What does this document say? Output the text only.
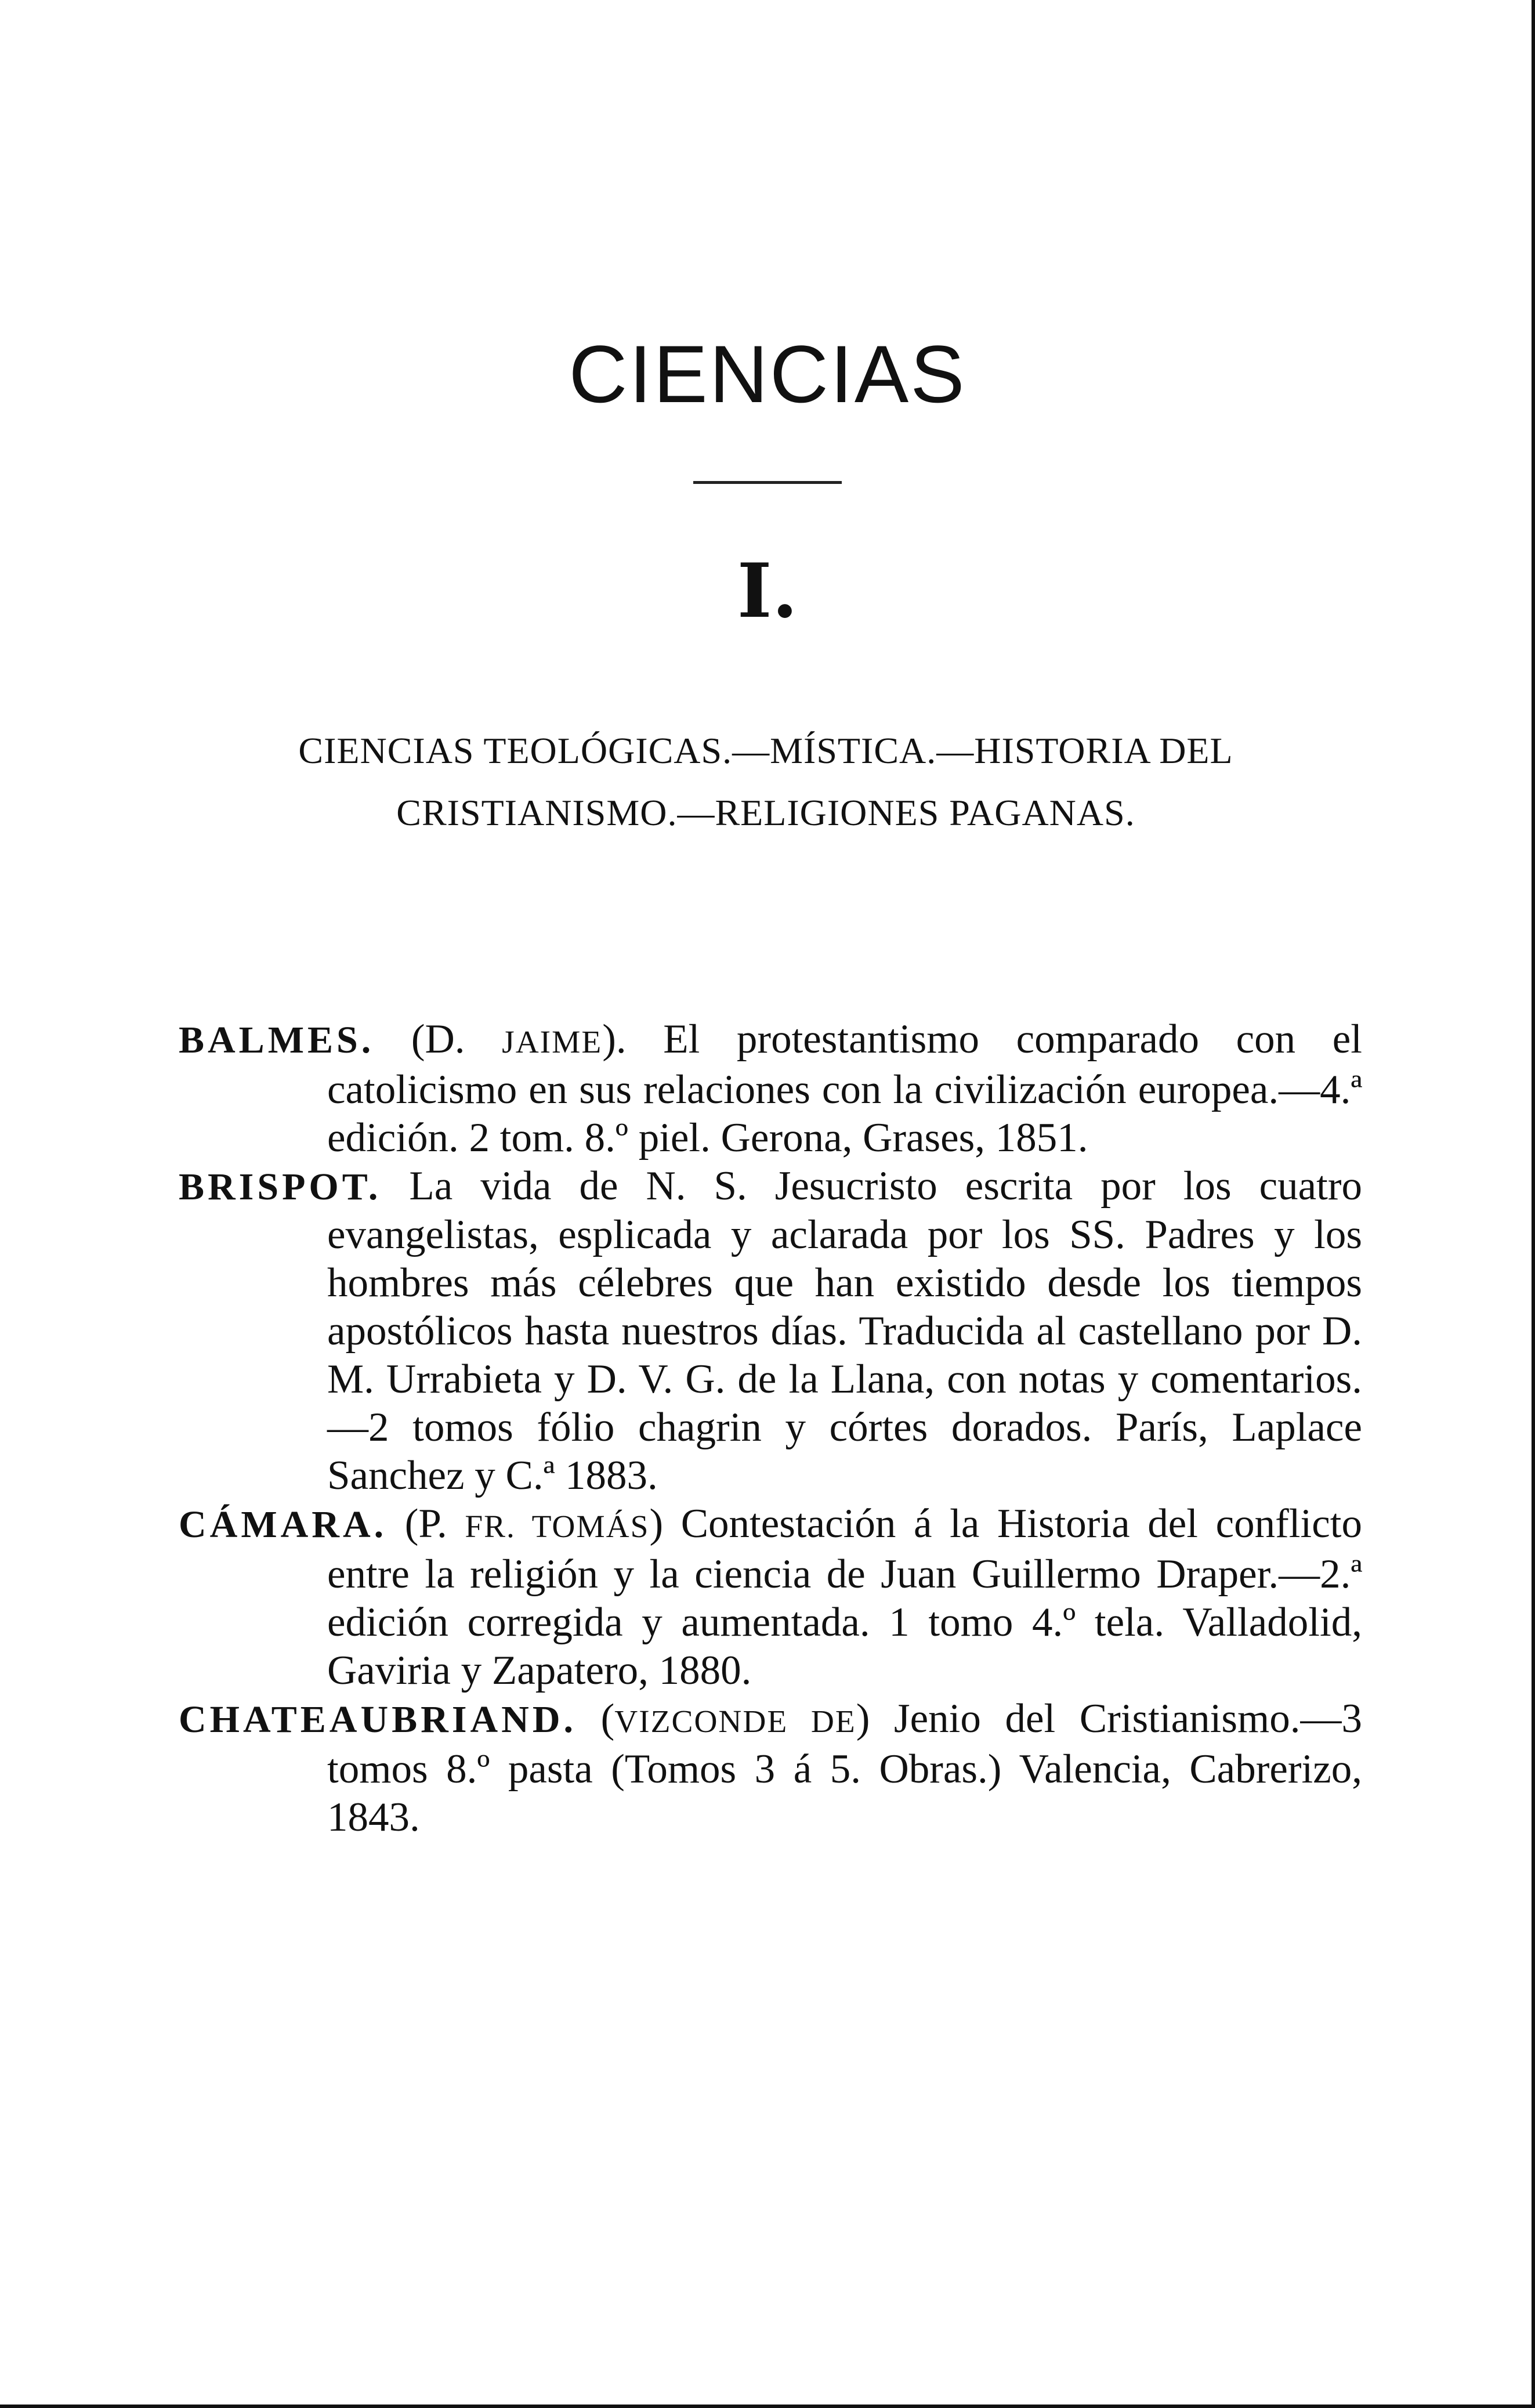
CIENCIAS
I.
CIENCIAS TEOLÓGICAS.—MÍSTICA.—HISTORIA DEL
CRISTIANISMO.—RELIGIONES PAGANAS.

BALMES. (D. JAIME). El protestantismo comparado con el catolicismo en sus relaciones con la civilización europea.—4.ª edición. 2 tom. 8.º piel. Gerona, Grases, 1851.

BRISPOT. La vida de N. S. Jesucristo escrita por los cuatro evangelistas, esplicada y aclarada por los SS. Padres y los hombres más célebres que han existido desde los tiempos apostólicos hasta nuestros días. Traducida al castellano por D. M. Urrabieta y D. V. G. de la Llana, con notas y comentarios.—2 tomos fólio chagrin y córtes dorados. París, Laplace Sanchez y C.ª 1883.

CÁMARA. (P. FR. TOMÁS) Contestación á la Historia del conflicto entre la religión y la ciencia de Juan Guillermo Draper.—2.ª edición corregida y aumentada. 1 tomo 4.º tela. Valladolid, Gaviria y Zapatero, 1880.

CHATEAUBRIAND. (VIZCONDE DE) Jenio del Cristianismo.—3 tomos 8.º pasta (Tomos 3 á 5. Obras.) Valencia, Cabrerizo, 1843.
